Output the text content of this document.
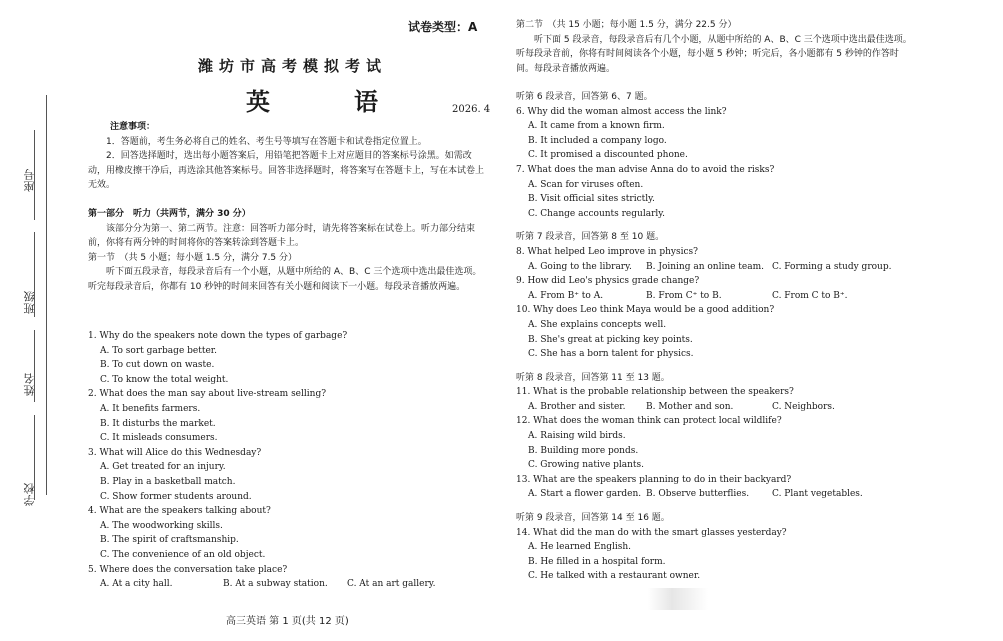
座号
班级
姓名
学校
试卷类型：A
潍坊市高考模拟考试
英　语	2026. 4

注意事项：

1．答题前，考生务必将自己的姓名、考生号等填写在答题卡和试卷指定位置上。

2．回答选择题时，选出每小题答案后，用铅笔把答题卡上对应题目的答案标号涂黑。如需改动，用橡皮擦干净后，再选涂其他答案标号。回答非选择题时，将答案写在答题卡上，写在本试卷上无效。

第一部分　听力（共两节，满分 30 分）

该部分分为第一、第二两节。注意：回答听力部分时，请先将答案标在试卷上。听力部分结束前，你将有两分钟的时间将你的答案转涂到答题卡上。

第一节　（共 5 小题；每小题 1.5 分，满分 7.5 分）

听下面五段录音，每段录音后有一个小题，从题中所给的 A、B、C 三个选项中选出最佳选项。听完每段录音后，你都有 10 秒钟的时间来回答有关小题和阅读下一小题。每段录音播放两遍。

1. Why do the speakers note down the types of garbage?

A. To sort garbage better.

B. To cut down on waste.

C. To know the total weight.

2. What does the man say about live-stream selling?

A. It benefits farmers.

B. It disturbs the market.

C. It misleads consumers.

3. What will Alice do this Wednesday?

A. Get treated for an injury.

B. Play in a basketball match.

C. Show former students around.

4. What are the speakers talking about?

A. The woodworking skills.

B. The spirit of craftsmanship.

C. The convenience of an old object.

5. Where does the conversation take place?

A. At a city hall.	B. At a subway station.	C. At an art gallery.
高三英语 第 1 页(共 12 页)

第二节　（共 15 小题；每小题 1.5 分，满分 22.5 分）

听下面 5 段录音，每段录音后有几个小题，从题中所给的 A、B、C 三个选项中选出最佳选项。听每段录音前，你将有时间阅读各个小题，每小题 5 秒钟；听完后，各小题都有 5 秒钟的作答时间。每段录音播放两遍。

听第 6 段录音，回答第 6、7 题。

6. Why did the woman almost access the link?

A. It came from a known firm.

B. It included a company logo.

C. It promised a discounted phone.

7. What does the man advise Anna do to avoid the risks?

A. Scan for viruses often.

B. Visit official sites strictly.

C. Change accounts regularly.

听第 7 段录音，回答第 8 至 10 题。

8. What helped Leo improve in physics?

A. Going to the library.	B. Joining an online team. C. Forming a study group.

9. How did Leo's physics grade change?

A. From B⁺ to A.	B. From C⁺ to B.	C. From C to B⁺.

10. Why does Leo think Maya would be a good addition?

A. She explains concepts well.

B. She's great at picking key points.

C. She has a born talent for physics.

听第 8 段录音，回答第 11 至 13 题。

11. What is the probable relationship between the speakers?

A. Brother and sister.	B. Mother and son.	C. Neighbors.

12. What does the woman think can protect local wildlife?

A. Raising wild birds.

B. Building more ponds.

C. Growing native plants.

13. What are the speakers planning to do in their backyard?

A. Start a flower garden. B. Observe butterflies.	C. Plant vegetables.

听第 9 段录音，回答第 14 至 16 题。

14. What did the man do with the smart glasses yesterday?

A. He learned English.

B. He filled in a hospital form.

C. He talked with a restaurant owner.
